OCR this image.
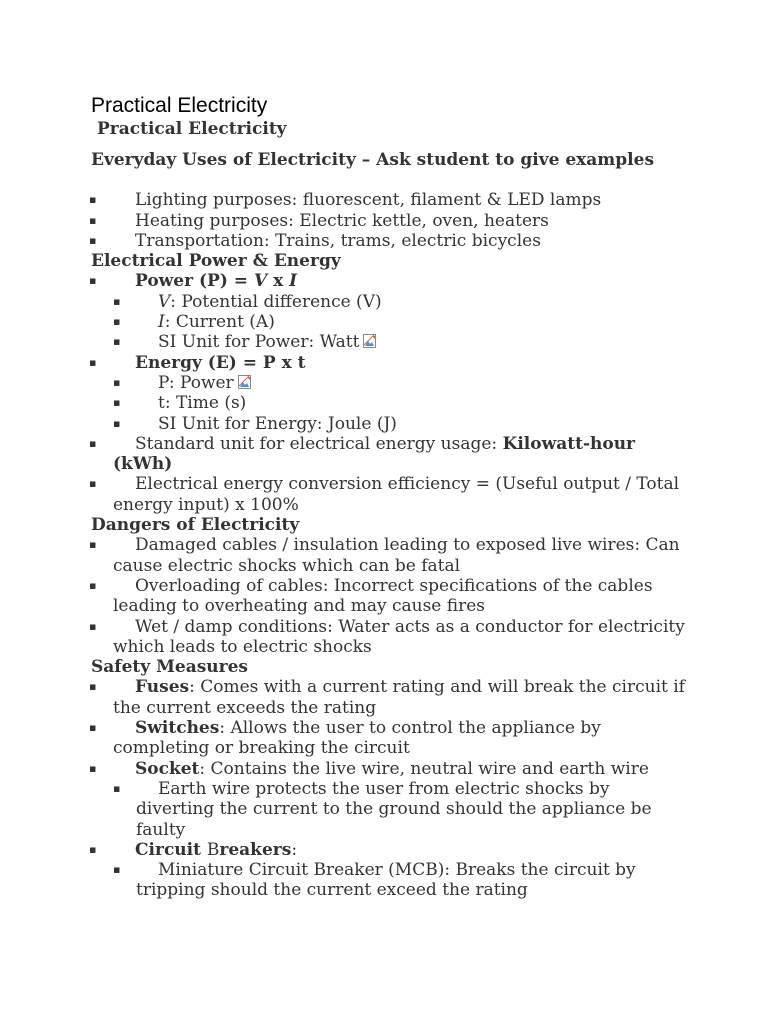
Practical Electricity

Practical Electricity

Everyday Uses of Electricity – Ask student to give examples

▪ Lighting purposes: fluorescent, filament & LED lamps

▪ Heating purposes: Electric kettle, oven, heaters

▪ Transportation: Trains, trams, electric bicycles

Electrical Power & Energy

▪ Power (P) = V x I

▪ V: Potential difference (V)

▪ I: Current (A)

▪ SI Unit for Power: Watt

▪ Energy (E) = P x t

▪ P: Power

▪ t: Time (s)

▪ SI Unit for Energy: Joule (J)

▪ Standard unit for electrical energy usage: Kilowatt-hour (kWh)

▪ Electrical energy conversion efficiency = (Useful output / Total energy input) x 100%

Dangers of Electricity

▪ Damaged cables / insulation leading to exposed live wires: Can cause electric shocks which can be fatal

▪ Overloading of cables: Incorrect specifications of the cables leading to overheating and may cause fires

▪ Wet / damp conditions: Water acts as a conductor for electricity which leads to electric shocks

Safety Measures

▪ Fuses: Comes with a current rating and will break the circuit if the current exceeds the rating

▪ Switches: Allows the user to control the appliance by completing or breaking the circuit

▪ Socket: Contains the live wire, neutral wire and earth wire

▪ Earth wire protects the user from electric shocks by diverting the current to the ground should the appliance be faulty

▪ Circuit Breakers:

▪ Miniature Circuit Breaker (MCB): Breaks the circuit by tripping should the current exceed the rating
